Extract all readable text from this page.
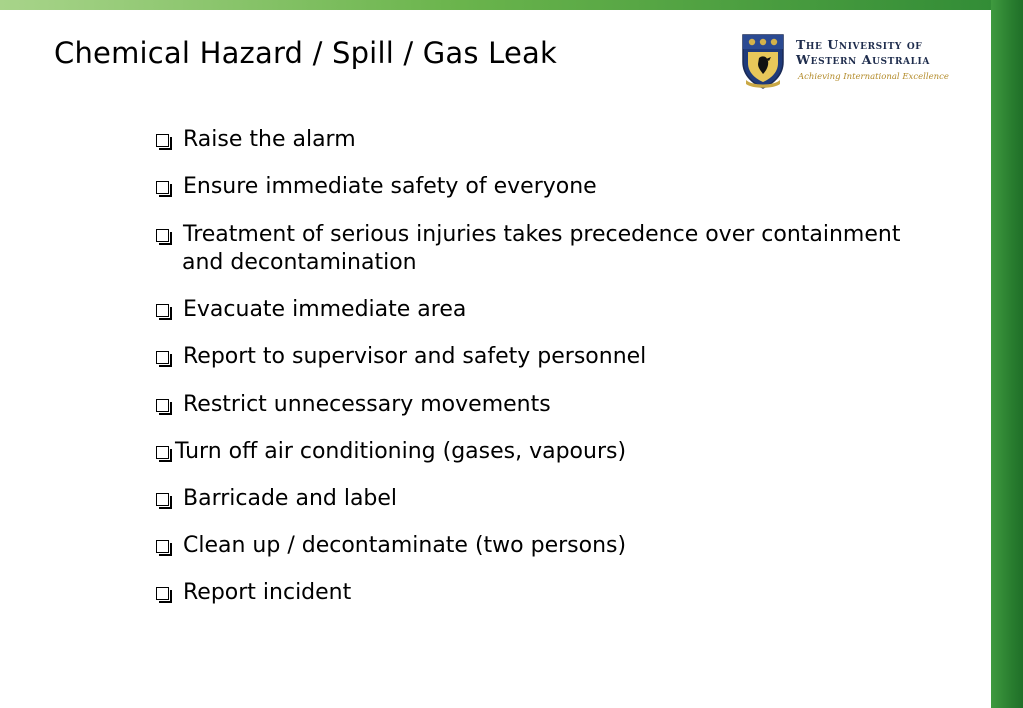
Chemical Hazard / Spill / Gas Leak	The University of
Western Australia
Achieving International Excellence
Raise the alarm
Ensure immediate safety of everyone
Treatment of serious injuries takes precedence over containment
and decontamination
Evacuate immediate area
Report to supervisor and safety personnel
Restrict unnecessary movements
Turn off air conditioning (gases, vapours)
Barricade and label
Clean up / decontaminate (two persons)
Report incident
